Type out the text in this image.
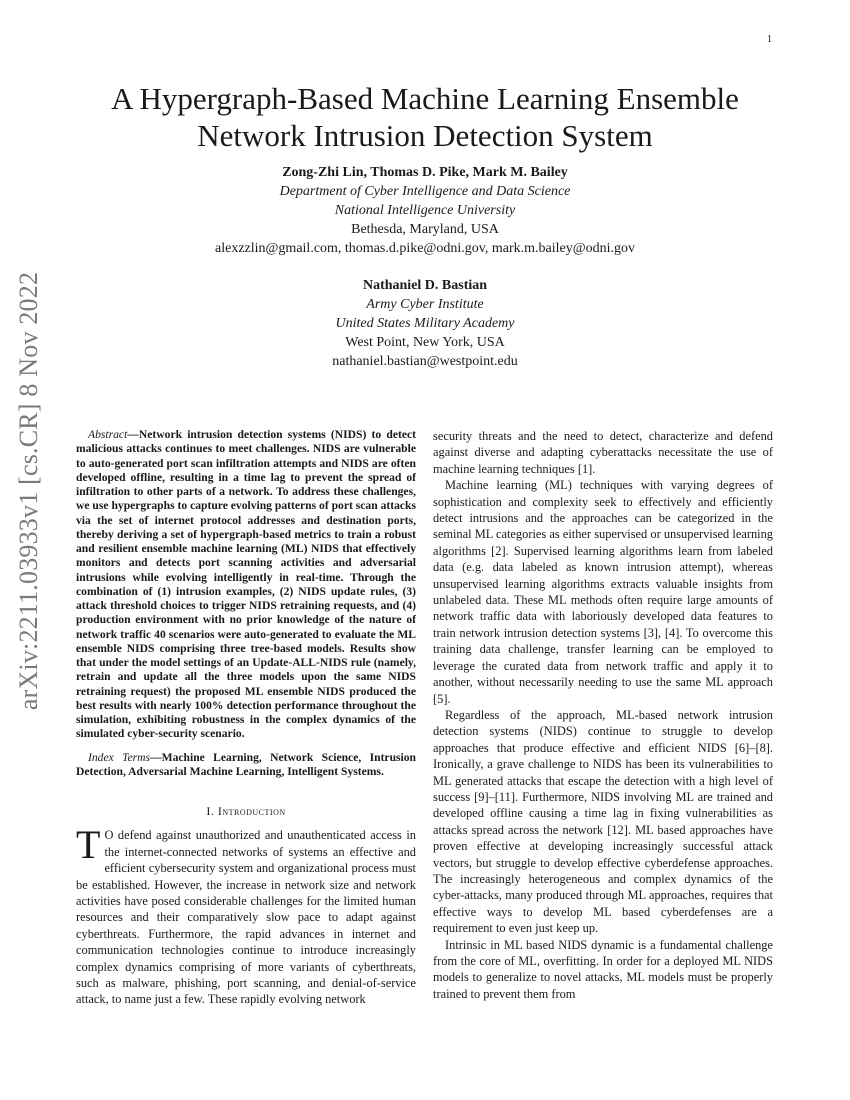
1
arXiv:2211.03933v1 [cs.CR] 8 Nov 2022
A Hypergraph-Based Machine Learning Ensemble Network Intrusion Detection System
Zong-Zhi Lin, Thomas D. Pike, Mark M. Bailey
Department of Cyber Intelligence and Data Science
National Intelligence University
Bethesda, Maryland, USA
alexzzlin@gmail.com, thomas.d.pike@odni.gov, mark.m.bailey@odni.gov
Nathaniel D. Bastian
Army Cyber Institute
United States Military Academy
West Point, New York, USA
nathaniel.bastian@westpoint.edu

Abstract—Network intrusion detection systems (NIDS) to detect malicious attacks continues to meet challenges. NIDS are vulnerable to auto-generated port scan infiltration attempts and NIDS are often developed offline, resulting in a time lag to prevent the spread of infiltration to other parts of a network. To address these challenges, we use hypergraphs to capture evolving patterns of port scan attacks via the set of internet protocol addresses and destination ports, thereby deriving a set of hypergraph-based metrics to train a robust and resilient ensemble machine learning (ML) NIDS that effectively monitors and detects port scanning activities and adversarial intrusions while evolving intelligently in real-time. Through the combination of (1) intrusion examples, (2) NIDS update rules, (3) attack threshold choices to trigger NIDS retraining requests, and (4) production environment with no prior knowledge of the nature of network traffic 40 scenarios were auto-generated to evaluate the ML ensemble NIDS comprising three tree-based models. Results show that under the model settings of an Update-ALL-NIDS rule (namely, retrain and update all the three models upon the same NIDS retraining request) the proposed ML ensemble NIDS produced the best results with nearly 100% detection performance throughout the simulation, exhibiting robustness in the complex dynamics of the simulated cyber-security scenario.

Index Terms—Machine Learning, Network Science, Intrusion Detection, Adversarial Machine Learning, Intelligent Systems.

I. Introduction

T O defend against unauthorized and unauthenticated access in the internet-connected networks of systems an effective and efficient cybersecurity system and organizational process must be established. However, the increase in network size and network activities have posed considerable challenges for the limited human resources and their comparatively slow pace to adapt against cyberthreats. Furthermore, the rapid advances in internet and communication technologies continue to introduce increasingly complex dynamics comprising of more variants of cyberthreats, such as malware, phishing, port scanning, and denial-of-service attack, to name just a few. These rapidly evolving network

security threats and the need to detect, characterize and defend against diverse and adapting cyberattacks necessitate the use of machine learning techniques [1].

Machine learning (ML) techniques with varying degrees of sophistication and complexity seek to effectively and efficiently detect intrusions and the approaches can be categorized in the seminal ML categories as either supervised or unsupervised learning algorithms [2]. Supervised learning algorithms learn from labeled data (e.g. data labeled as known intrusion attempt), whereas unsupervised learning algorithms extracts valuable insights from unlabeled data. These ML methods often require large amounts of network traffic data with laboriously developed data features to train network intrusion detection systems [3], [4]. To overcome this training data challenge, transfer learning can be employed to leverage the curated data from network traffic and apply it to another, without necessarily needing to use the same ML approach [5].

Regardless of the approach, ML-based network intrusion detection systems (NIDS) continue to struggle to develop approaches that produce effective and efficient NIDS [6]–[8]. Ironically, a grave challenge to NIDS has been its vulnerabilities to ML generated attacks that escape the detection with a high level of success [9]–[11]. Furthermore, NIDS involving ML are trained and developed offline causing a time lag in fixing vulnerabilities as attacks spread across the network [12]. ML based approaches have proven effective at developing increasingly successful attack vectors, but struggle to develop effective cyberdefense approaches. The increasingly heterogeneous and complex dynamics of the cyber-attacks, many produced through ML approaches, requires that effective ways to develop ML based cyberdefenses are a requirement to even just keep up.

Intrinsic in ML based NIDS dynamic is a fundamental challenge from the core of ML, overfitting. In order for a deployed ML NIDS models to generalize to novel attacks, ML models must be properly trained to prevent them from
